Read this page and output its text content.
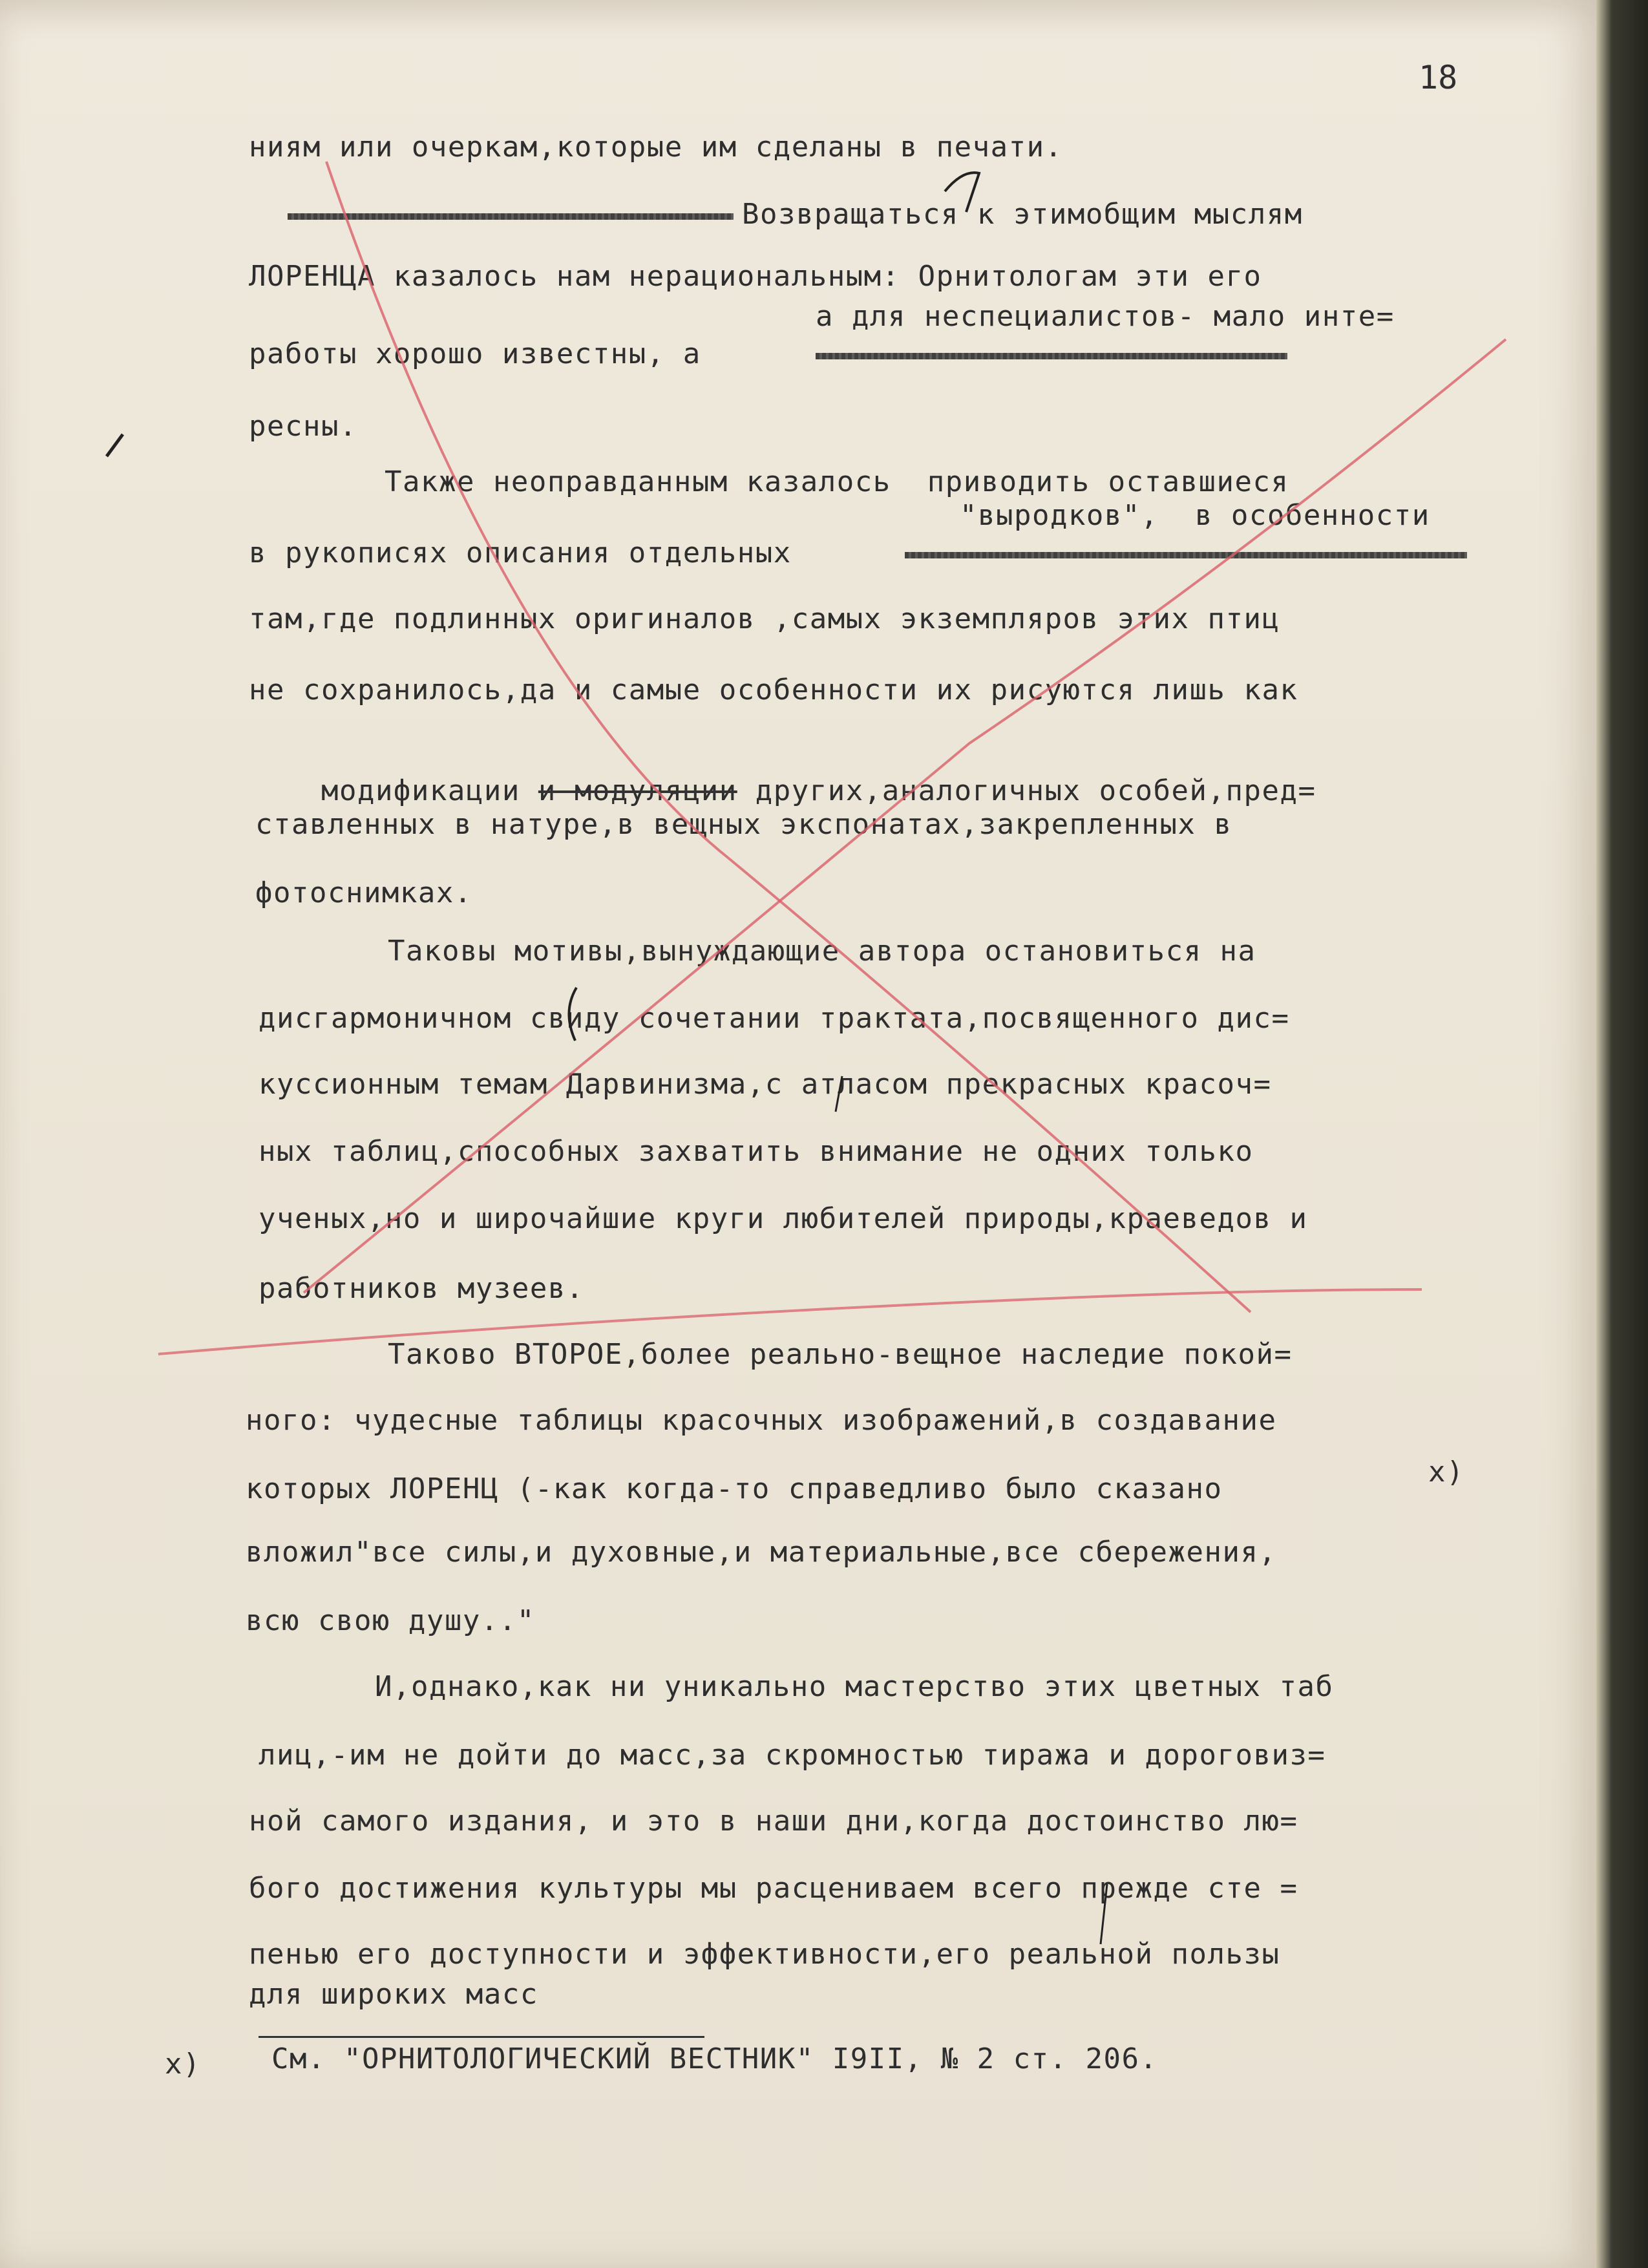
18
ниям или очеркам,которые им сделаны в печати.
Возвращаться к этимобщим мыслям
ЛОРЕНЦА казалось нам нерациональным: Орнитологам эти его
а для неспециалистов- мало инте=
работы хорошо известны, а
ресны.
Также неоправданным казалось  приводить оставшиеся
"выродков",  в особенности
в рукописях описания отдельных
там,где подлинных оригиналов ,самых экземпляров этих птиц
не сохранилось,да и самые особенности их рисуются лишь как

модификации и модуляции других,аналогичных особей,пред=

ставленных в натуре,в вещных экспонатах,закрепленных в
фотоснимках.
Таковы мотивы,вынуждающие автора остановиться на
дисгармоничном свиду сочетании трактата,посвященного дис=
куссионным темам Дарвинизма,с атласом прекрасных красоч=
ных таблиц,способных захватить внимание не одних только
ученых,но и широчайшие круги любителей природы,краеведов и
работников музеев.
Таково ВТОРОЕ,более реально-вещное наследие покой=
ного: чудесные таблицы красочных изображений,в создавание
которых ЛОРЕНЦ (-как когда-то справедливо было сказано
х)
вложил"все силы,и духовные,и материальные,все сбережения,
всю свою душу.."
И,однако,как ни уникально мастерство этих цветных таб
лиц,-им не дойти до масс,за скромностью тиража и дороговиз=
ной самого издания, и это в наши дни,когда достоинство лю=
бого достижения культуры мы расцениваем всего прежде сте =
пенью его доступности и эффективности,его реальной пользы
для широких масс
х) См. "ОРНИТОЛОГИЧЕСКИЙ ВЕСТНИК" I9II, № 2 ст. 206.
